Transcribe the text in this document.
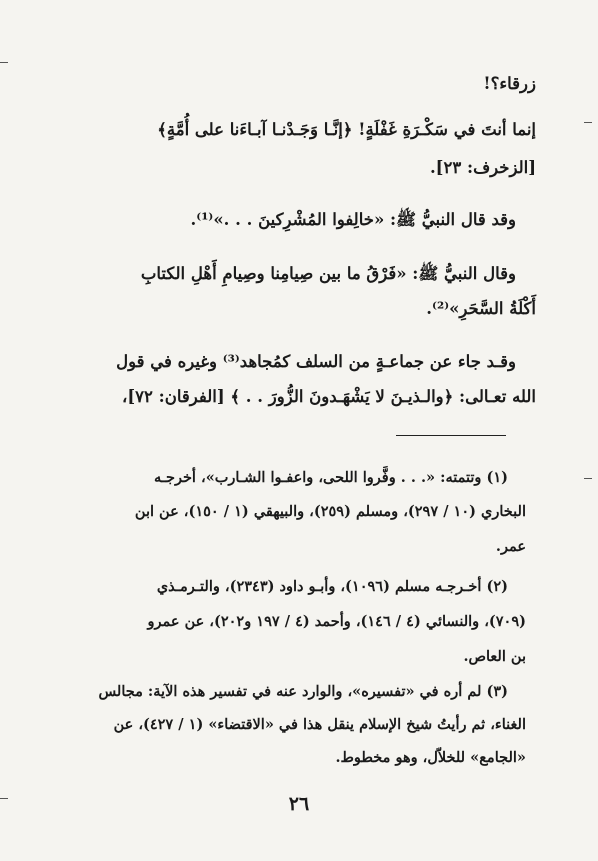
زرقاء؟!
إنما أنتَ في سَكْـرَةِ غَفْلَةٍ! ﴿إنَّـا وَجَـدْنـا آبـاءَنا على أُمَّةٍ﴾
[الزخرف: ٢٣].
وقد قال النبيُّ ﷺ: «خالِفوا المُشْرِكينَ . . .»⁽¹⁾.
وقال النبيُّ ﷺ: «فَرْقُ ما بين صِيامِنا وصِيامِ أَهْلِ الكتابِ
أَكْلَةُ السَّحَرِ»⁽²⁾.
وقـد جاء عن جماعـةٍ من السلف كمُجاهد⁽³⁾ وغيره في قول
الله تعـالى: ﴿والـذيـنَ لا يَشْهَـدونَ الزُّورَ . . ﴾ [الفرقان: ٧٢]،
(١) وتتمته: «. . . وفَّروا اللحى، واعفـوا الشـارب»، أخرجـه
البخاري (١٠ / ٢٩٧)، ومسلم (٢٥٩)، والبيهقي (١ / ١٥٠)، عن ابن
عمر.
(٢) أخـرجـه مسلم (١٠٩٦)، وأبـو داود (٢٣٤٣)، والتـرمـذي
(٧٠٩)، والنسائي (٤ / ١٤٦)، وأحمد (٤ / ١٩٧ و٢٠٢)، عن عمرو
بن العاص.
(٣) لم أره في «تفسيره»، والوارد عنه في تفسير هذه الآية: مجالس
الغناء، ثم رأيتُ شيخ الإسلام ينقل هذا في «الاقتضاء» (١ / ٤٢٧)، عن
«الجامع» للخلاّل، وهو مخطوط.
٢٦
